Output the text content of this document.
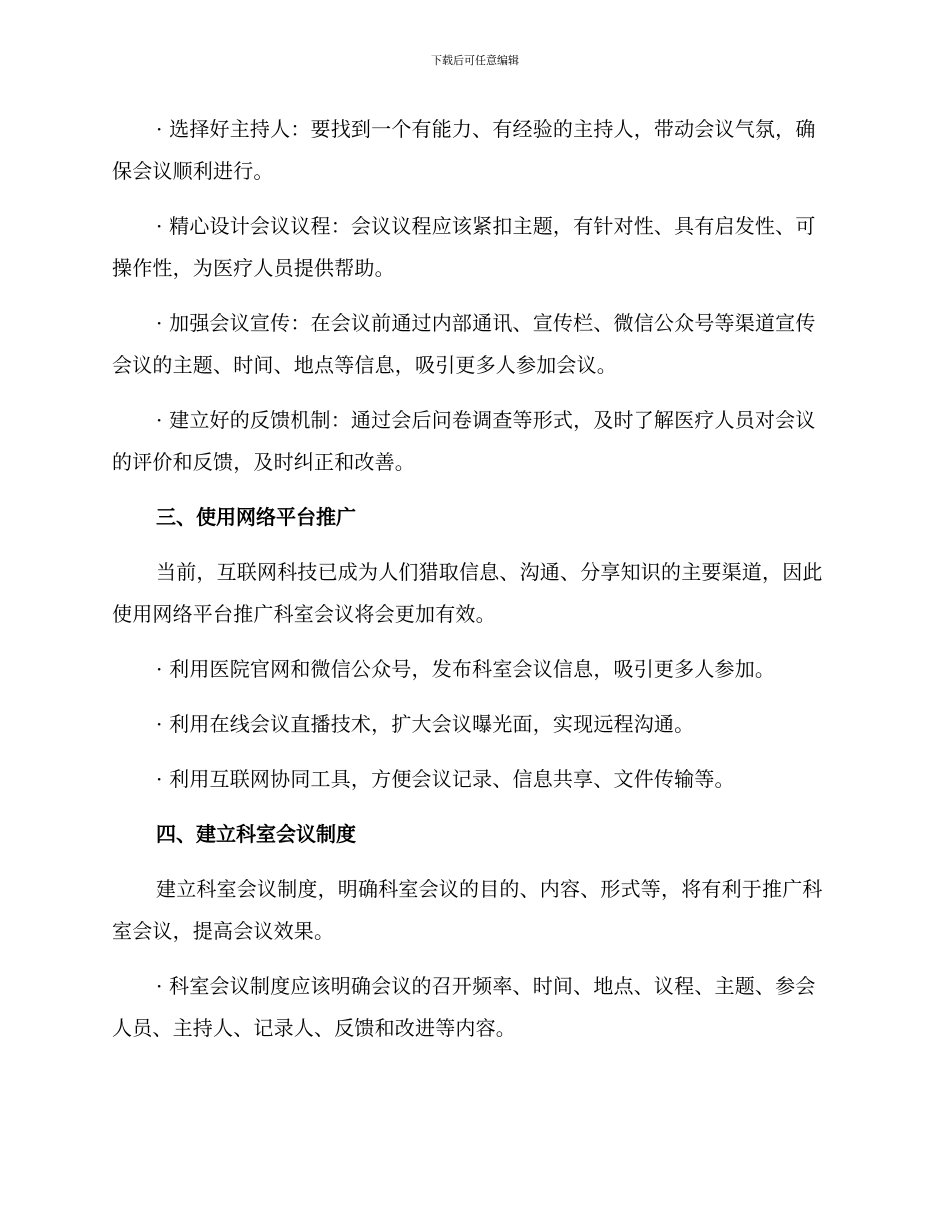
下载后可任意编辑

· 选择好主持人：要找到一个有能力、有经验的主持人，带动会议气氛，确保会议顺利进行。

· 精心设计会议议程：会议议程应该紧扣主题，有针对性、具有启发性、可操作性，为医疗人员提供帮助。

· 加强会议宣传：在会议前通过内部通讯、宣传栏、微信公众号等渠道宣传会议的主题、时间、地点等信息，吸引更多人参加会议。

· 建立好的反馈机制：通过会后问卷调查等形式，及时了解医疗人员对会议的评价和反馈，及时纠正和改善。

三、使用网络平台推广

当前，互联网科技已成为人们猎取信息、沟通、分享知识的主要渠道，因此使用网络平台推广科室会议将会更加有效。

· 利用医院官网和微信公众号，发布科室会议信息，吸引更多人参加。

· 利用在线会议直播技术，扩大会议曝光面，实现远程沟通。

· 利用互联网协同工具，方便会议记录、信息共享、文件传输等。

四、建立科室会议制度

建立科室会议制度，明确科室会议的目的、内容、形式等，将有利于推广科室会议，提高会议效果。

· 科室会议制度应该明确会议的召开频率、时间、地点、议程、主题、参会人员、主持人、记录人、反馈和改进等内容。
